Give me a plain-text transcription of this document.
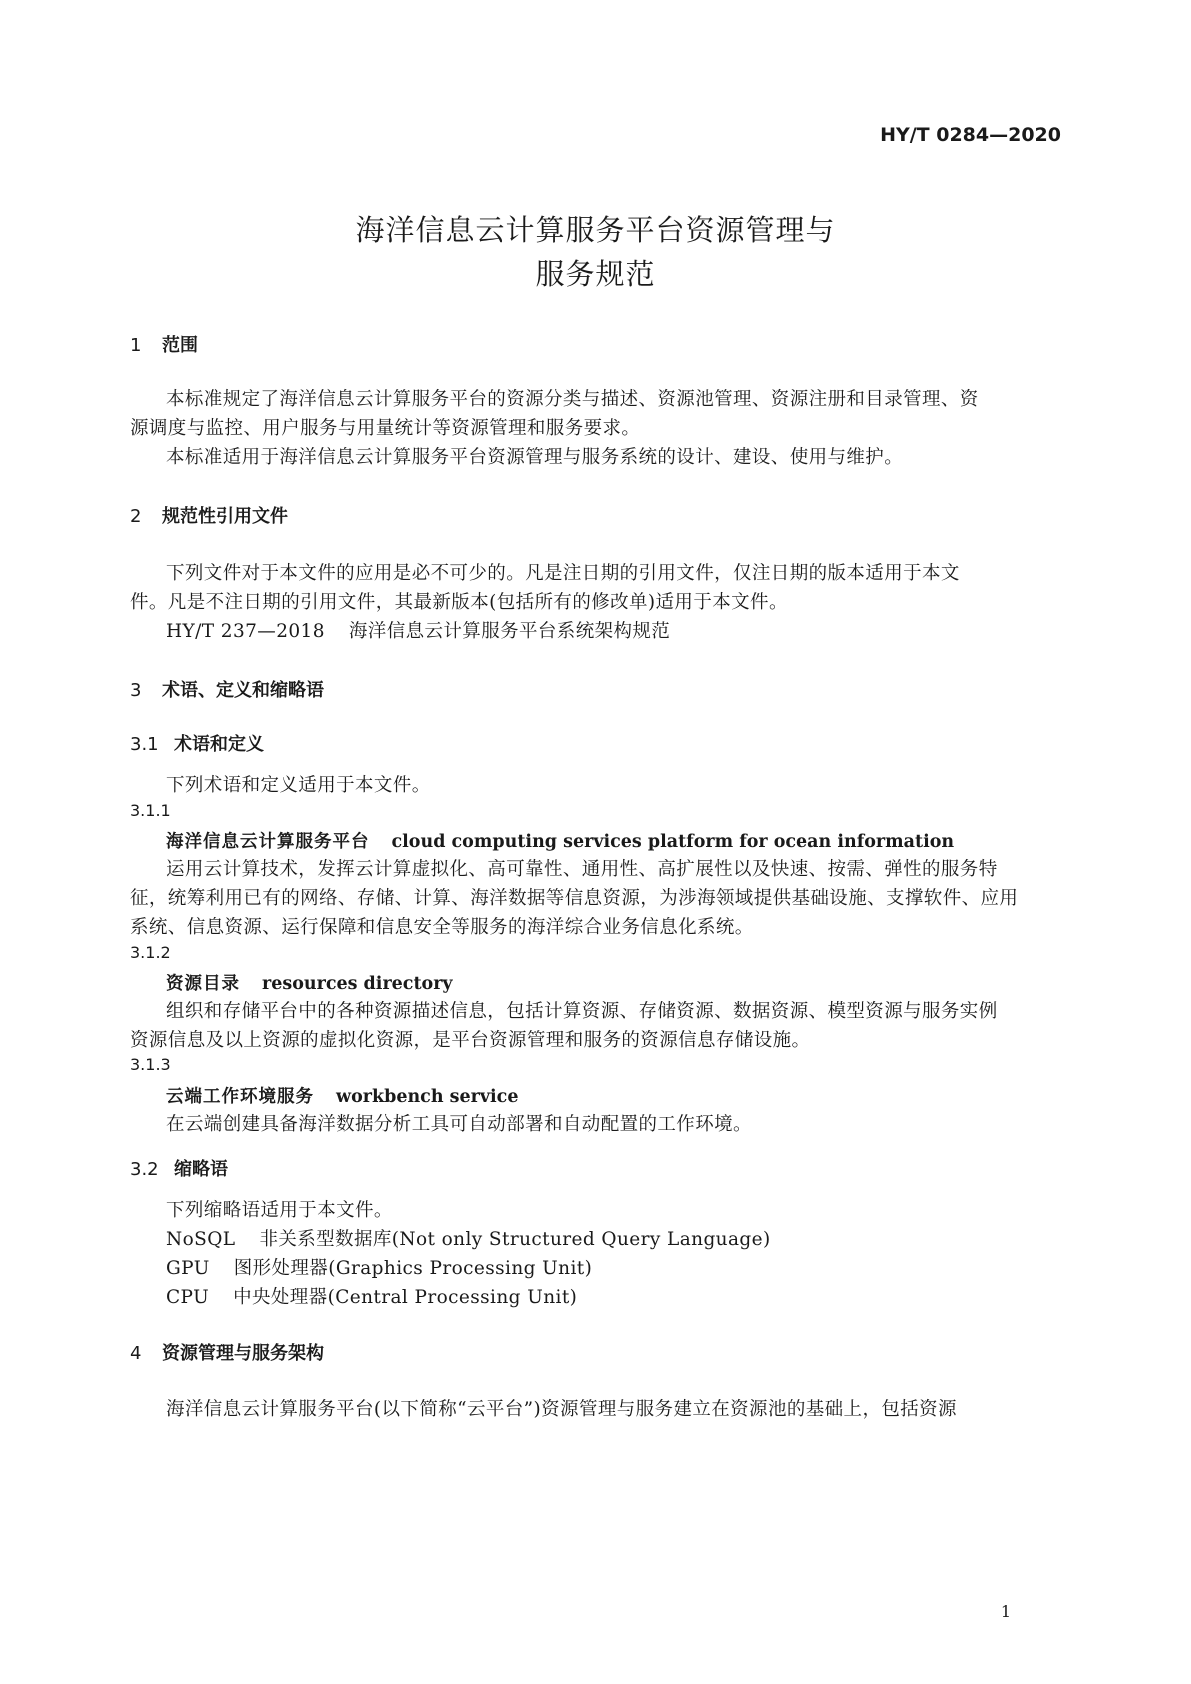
HY/T 0284—2020
海洋信息云计算服务平台资源管理与
服务规范
1 范围
本标准规定了海洋信息云计算服务平台的资源分类与描述、资源池管理、资源注册和目录管理、资
源调度与监控、用户服务与用量统计等资源管理和服务要求。
本标准适用于海洋信息云计算服务平台资源管理与服务系统的设计、建设、使用与维护。
2 规范性引用文件
下列文件对于本文件的应用是必不可少的。凡是注日期的引用文件，仅注日期的版本适用于本文
件。凡是不注日期的引用文件，其最新版本(包括所有的修改单)适用于本文件。
HY/T 237—2018 海洋信息云计算服务平台系统架构规范
3 术语、定义和缩略语
3.1 术语和定义
下列术语和定义适用于本文件。
3.1.1
海洋信息云计算服务平台 cloud computing services platform for ocean information
运用云计算技术，发挥云计算虚拟化、高可靠性、通用性、高扩展性以及快速、按需、弹性的服务特
征，统筹利用已有的网络、存储、计算、海洋数据等信息资源，为涉海领域提供基础设施、支撑软件、应用
系统、信息资源、运行保障和信息安全等服务的海洋综合业务信息化系统。
3.1.2
资源目录 resources directory
组织和存储平台中的各种资源描述信息，包括计算资源、存储资源、数据资源、模型资源与服务实例
资源信息及以上资源的虚拟化资源，是平台资源管理和服务的资源信息存储设施。
3.1.3
云端工作环境服务 workbench service
在云端创建具备海洋数据分析工具可自动部署和自动配置的工作环境。
3.2 缩略语
下列缩略语适用于本文件。
NoSQL 非关系型数据库(Not only Structured Query Language)
GPU 图形处理器(Graphics Processing Unit)
CPU 中央处理器(Central Processing Unit)
4 资源管理与服务架构
海洋信息云计算服务平台(以下简称“云平台”)资源管理与服务建立在资源池的基础上，包括资源
1
